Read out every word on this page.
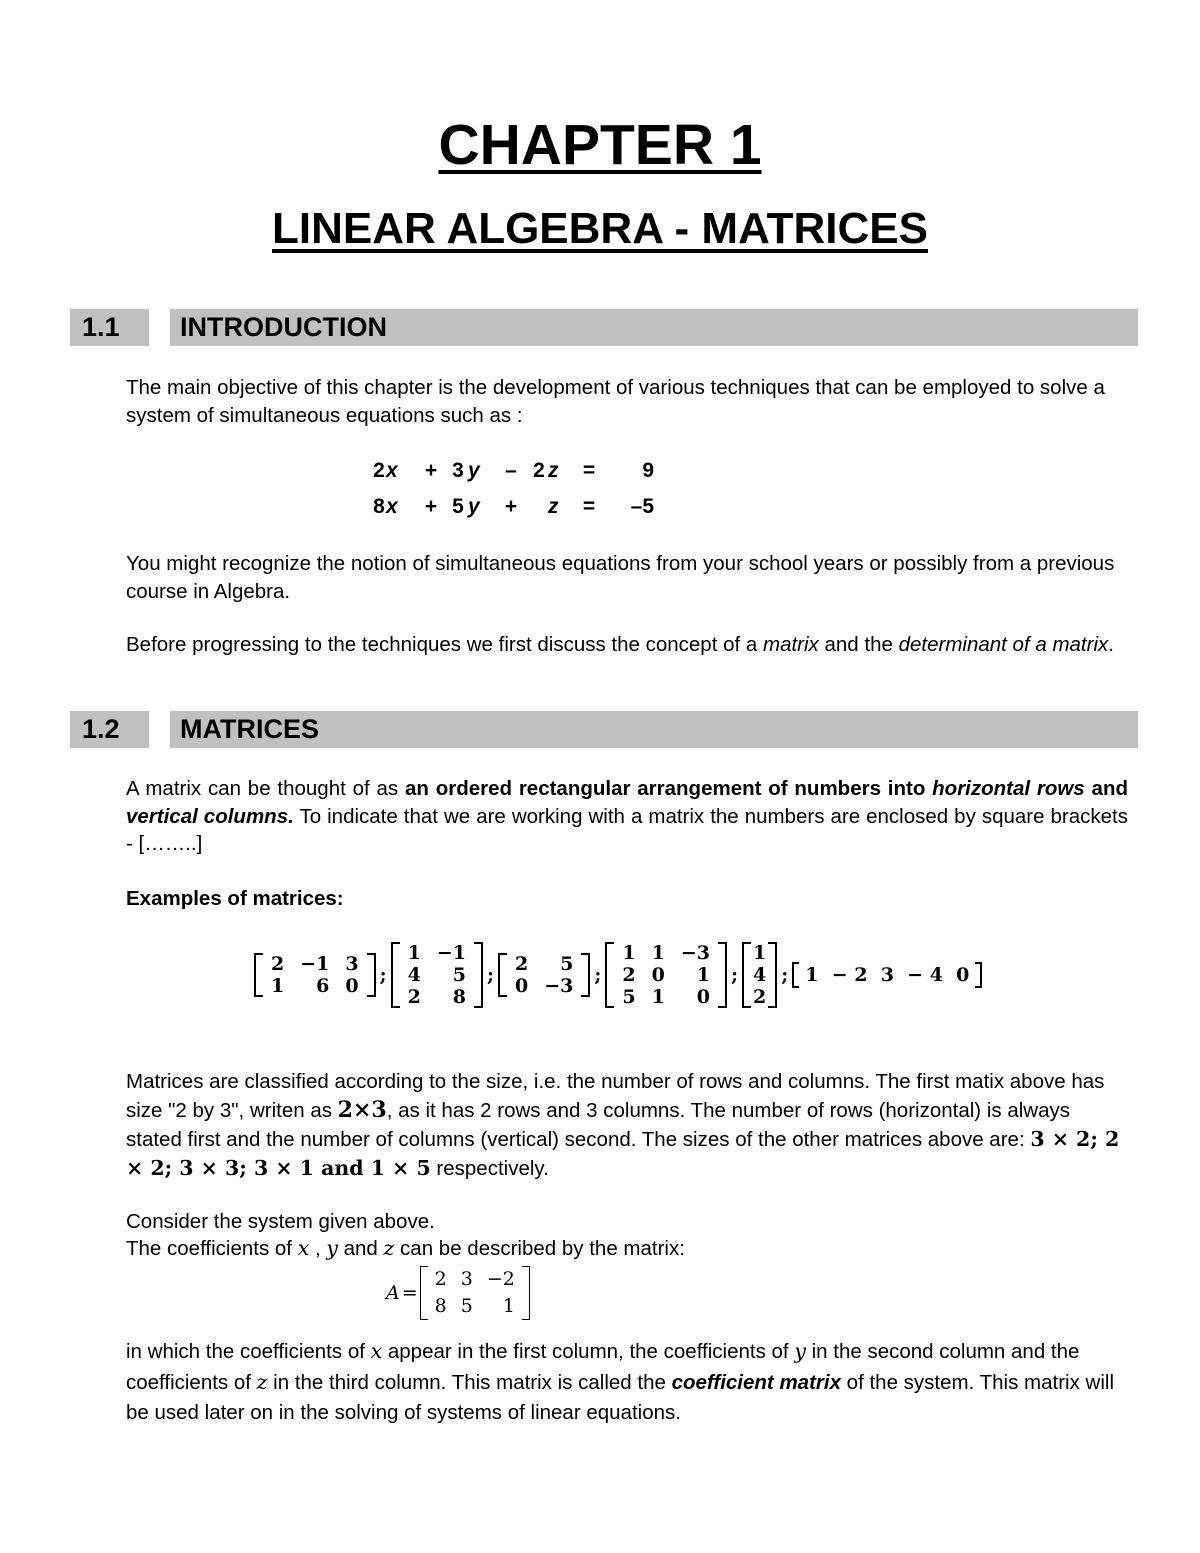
CHAPTER 1
LINEAR ALGEBRA - MATRICES
1.1	INTRODUCTION
The main objective of this chapter is the development of various techniques that can be employed to solve a system of simultaneous equations such as :
2	x	+	3	y	–	2	z	=	9
8	x	+	5	y	+		z	=	–5
You might recognize the notion of simultaneous equations from your school years or possibly from a previous course in Algebra.
Before progressing to the techniques we first discuss the concept of a matrix and the determinant of a matrix.
1.2	MATRICES
A matrix can be thought of as an ordered rectangular arrangement of numbers into horizontal rows and vertical columns. To indicate that we are working with a matrix the numbers are enclosed by square brackets - [……..]
Examples of matrices:
2	−1	3
1	6	0 ;
1	−1
4	5
2	8
; 2	5
0	−3 ;
1	1	−3
2	0	1
5	1	0
;
1
4
2
; 1  − 2  3  − 4  0
Matrices are classified according to the size, i.e. the number of rows and columns. The first matix above has size "2 by 3", writen as 2×3, as it has 2 rows and 3 columns. The number of rows (horizontal) is always stated first and the number of columns (vertical) second. The sizes of the other matrices above are: 3 × 2; 2 × 2; 3 × 3; 3 × 1 and 1 × 5 respectively.
Consider the system given above.
The coefficients of x , y and z can be described by the matrix:
A =
2	3	−2
8	5	1
in which the coefficients of x appear in the first column, the coefficients of y in the second column and the coefficients of z in the third column. This matrix is called the coefficient matrix of the system. This matrix will be used later on in the solving of systems of linear equations.
